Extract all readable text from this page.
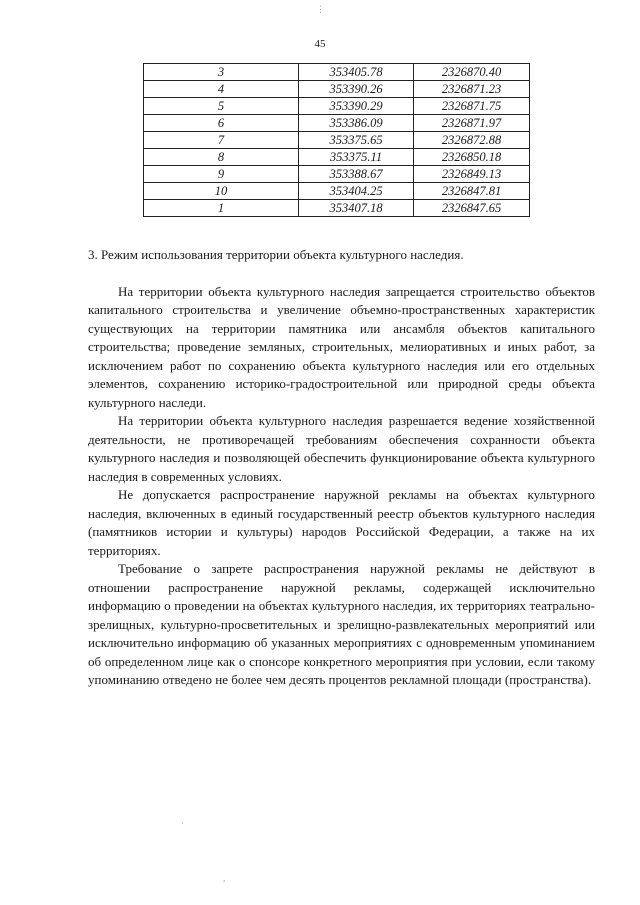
45
3	353405.78	2326870.40
4	353390.26	2326871.23
5	353390.29	2326871.75
6	353386.09	2326871.97
7	353375.65	2326872.88
8	353375.11	2326850.18
9	353388.67	2326849.13
10	353404.25	2326847.81
1	353407.18	2326847.65

3. Режим использования территории объекта культурного наследия.

На территории объекта культурного наследия запрещается строительство объектов капитального строительства и увеличение объемно-пространственных характеристик существующих на территории памятника или ансамбля объектов капитального строительства; проведение земляных, строительных, мелиоративных и иных работ, за исключением работ по сохранению объекта культурного наследия или его отдельных элементов, сохранению историко-градостроительной или природной среды объекта культурного наследи.

На территории объекта культурного наследия разрешается ведение хозяйственной деятельности, не противоречащей требованиям обеспечения сохранности объекта культурного наследия и позволяющей обеспечить функционирование объекта культурного наследия в современных условиях.

Не допускается распространение наружной рекламы на объектах культурного наследия, включенных в единый государственный реестр объектов культурного наследия (памятников истории и культуры) народов Российской Федерации, а также на их территориях.

Требование о запрете распространения наружной рекламы не действуют в отношении распространение наружной рекламы, содержащей исключительно информацию о проведении на объектах культурного наследия, их территориях театрально-зрелищных, культурно-просветительных и зрелищно-развлекательных мероприятий или исключительно информацию об указанных мероприятиях с одновременным упоминанием об определенном лице как о спонсоре конкретного мероприятия при условии, если такому упоминанию отведено не более чем десять процентов рекламной площади (пространства).

⋮
·
,
